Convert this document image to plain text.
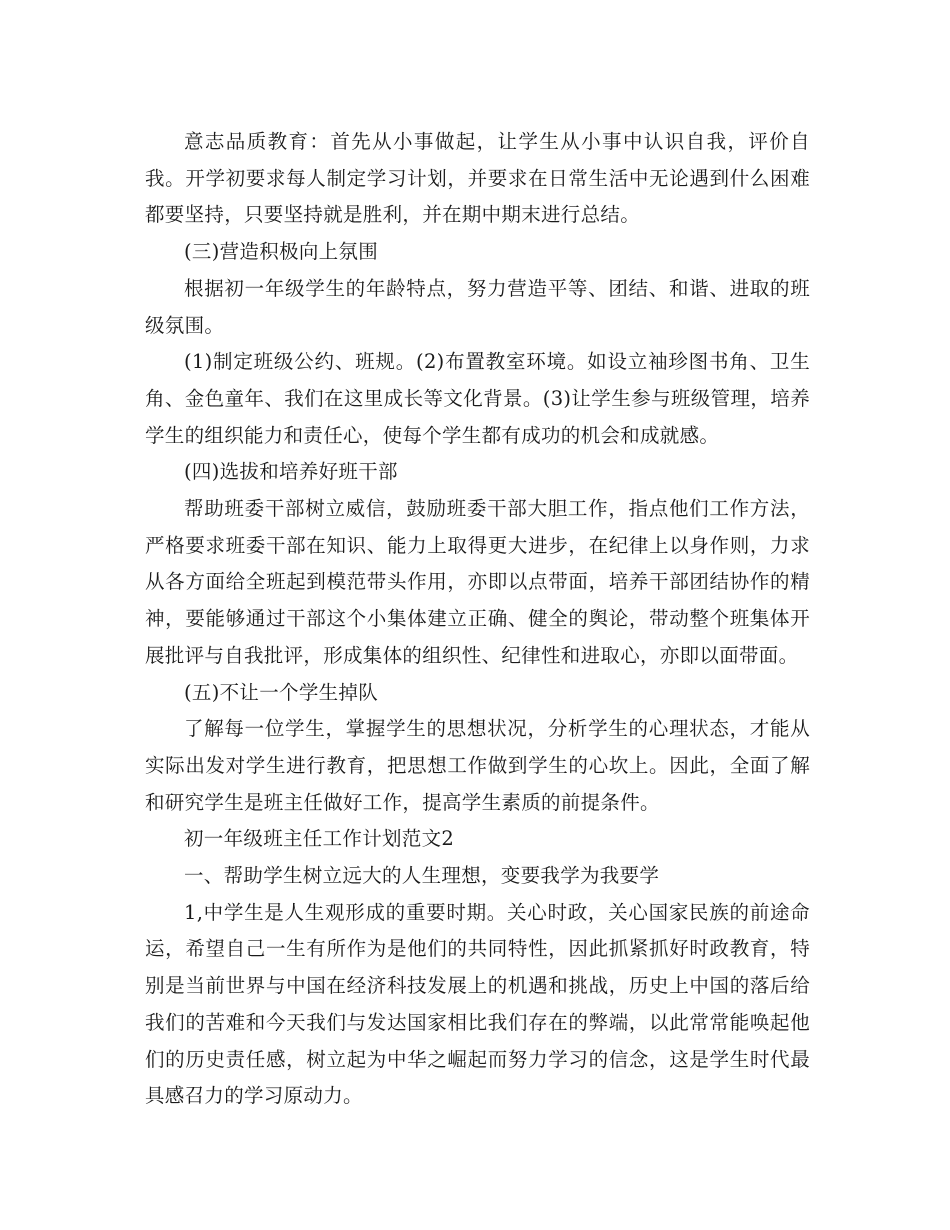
意志品质教育：首先从小事做起，让学生从小事中认识自我，评价自我。开学初要求每人制定学习计划，并要求在日常生活中无论遇到什么困难都要坚持，只要坚持就是胜利，并在期中期末进行总结。

(三)营造积极向上氛围

根据初一年级学生的年龄特点，努力营造平等、团结、和谐、进取的班级氛围。

(1)制定班级公约、班规。(2)布置教室环境。如设立袖珍图书角、卫生角、金色童年、我们在这里成长等文化背景。(3)让学生参与班级管理，培养学生的组织能力和责任心，使每个学生都有成功的机会和成就感。

(四)选拔和培养好班干部

帮助班委干部树立威信，鼓励班委干部大胆工作，指点他们工作方法，严格要求班委干部在知识、能力上取得更大进步，在纪律上以身作则，力求从各方面给全班起到模范带头作用，亦即以点带面，培养干部团结协作的精神，要能够通过干部这个小集体建立正确、健全的舆论，带动整个班集体开展批评与自我批评，形成集体的组织性、纪律性和进取心，亦即以面带面。

(五)不让一个学生掉队

了解每一位学生，掌握学生的思想状况，分析学生的心理状态，才能从实际出发对学生进行教育，把思想工作做到学生的心坎上。因此，全面了解和研究学生是班主任做好工作，提高学生素质的前提条件。

初一年级班主任工作计划范文2

一、帮助学生树立远大的人生理想，变要我学为我要学

1,中学生是人生观形成的重要时期。关心时政，关心国家民族的前途命运，希望自己一生有所作为是他们的共同特性，因此抓紧抓好时政教育，特别是当前世界与中国在经济科技发展上的机遇和挑战，历史上中国的落后给我们的苦难和今天我们与发达国家相比我们存在的弊端，以此常常能唤起他们的历史责任感，树立起为中华之崛起而努力学习的信念，这是学生时代最具感召力的学习原动力。
